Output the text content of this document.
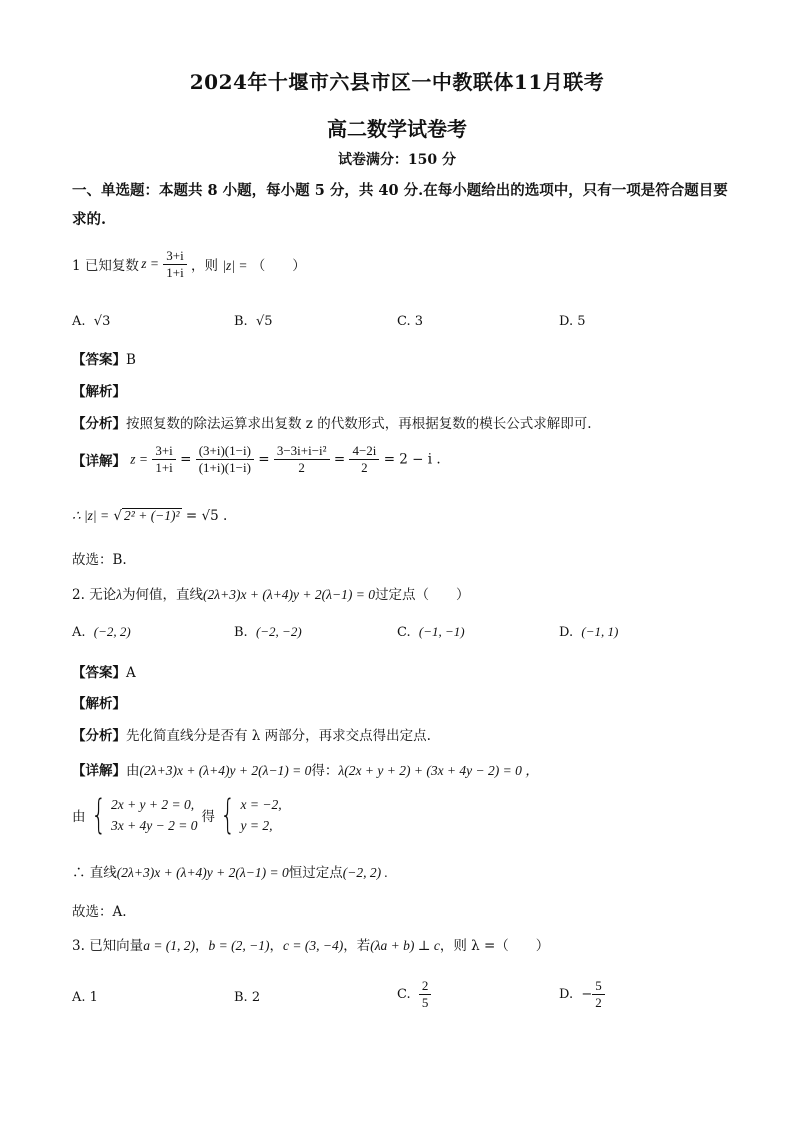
2024年十堰市六县市区一中教联体11月联考
高二数学试卷考
试卷满分：150 分
一、单选题：本题共 8 小题，每小题 5 分，共 40 分.在每小题给出的选项中，只有一项是符合题目要求的.
1 已知复数 $z = \frac{3+i}{1+i}$ ，则 |z| = （　　）
A. √3	B. √5	C. 3	D. 5
【答案】B
【解析】
【分析】按照复数的除法运算求出复数 z 的代数形式，再根据复数的模长公式求解即可.
【详解】 $z = \frac{3+i}{1+i} = \frac{(3+i)(1-i)}{(1+i)(1-i)} = \frac{\text{3−3i+i−i²}}{2} = \frac{4-2i}{2} = 2 - i$ .
∴ |z| = √ 2² + (−1)² = √5 .
故选：B.
2. 无论λ为何值，直线(2λ+3)x + (λ+4)y + 2(λ−1) = 0过定点（　　）
A. (−2, 2)	B. (−2, −2)	C. (−1, −1)	D. (−1, 1)
【答案】A
【解析】
【分析】先化简直线分是否有 λ 两部分，再求交点得出定点.
【详解】由(2λ+3)x + (λ+4)y + 2(λ−1) = 0得：λ(2x + y + 2) + (3x + 4y − 2) = 0 ，
由 { 2x + y + 2 = 0,
3x + 4y − 2 = 0
得 { x = −2,
y = 2,
∴ 直线(2λ+3)x + (λ+4)y + 2(λ−1) = 0恒过定点(−2, 2) .
故选：A.
3. 已知向量a = (1, 2)，b = (2, −1)，c = (3, −4)，若(λa + b) ⊥ c，则 λ =（　　）
A. 1	B. 2	C. $\frac{2}{5}$	D. − $\frac{5}{2}$
